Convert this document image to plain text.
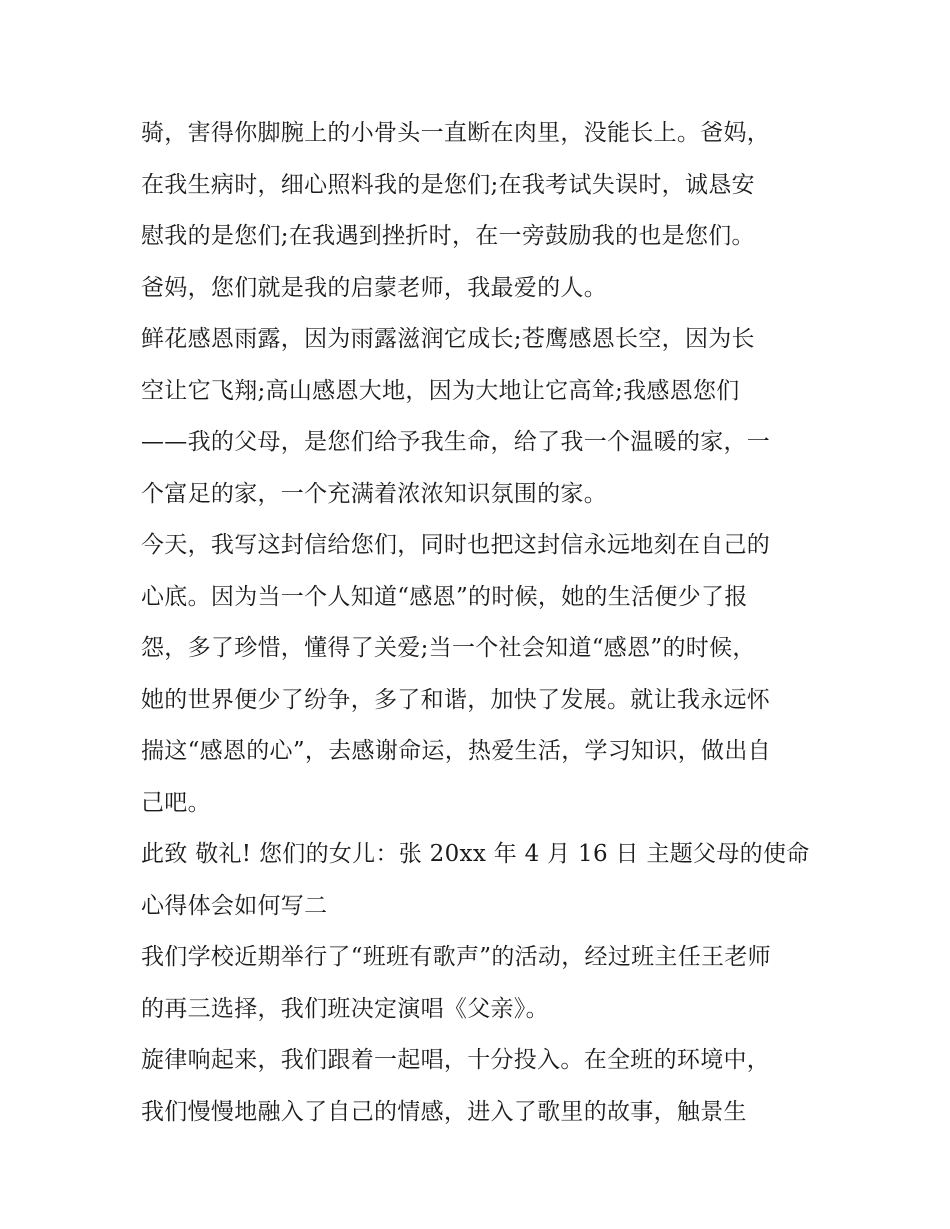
骑，害得你脚腕上的小骨头一直断在肉里，没能长上。爸妈，
在我生病时，细心照料我的是您们;在我考试失误时，诚恳安
慰我的是您们;在我遇到挫折时，在一旁鼓励我的也是您们。
爸妈，您们就是我的启蒙老师，我最爱的人。
鲜花感恩雨露，因为雨露滋润它成长;苍鹰感恩长空，因为长
空让它飞翔;高山感恩大地，因为大地让它高耸;我感恩您们
——我的父母，是您们给予我生命，给了我一个温暖的家，一
个富足的家，一个充满着浓浓知识氛围的家。
今天，我写这封信给您们，同时也把这封信永远地刻在自己的
心底。因为当一个人知道“感恩”的时候，她的生活便少了报
怨，多了珍惜，懂得了关爱;当一个社会知道“感恩”的时候，
她的世界便少了纷争，多了和谐，加快了发展。就让我永远怀
揣这“感恩的心”，去感谢命运，热爱生活，学习知识，做出自
己吧。
此致 敬礼! 您们的女儿：张 20xx 年 4 月 16 日 主题父母的使命
心得体会如何写二
我们学校近期举行了“班班有歌声”的活动，经过班主任王老师
的再三选择，我们班决定演唱《父亲》。
旋律响起来，我们跟着一起唱，十分投入。在全班的环境中，
我们慢慢地融入了自己的情感，进入了歌里的故事，触景生
